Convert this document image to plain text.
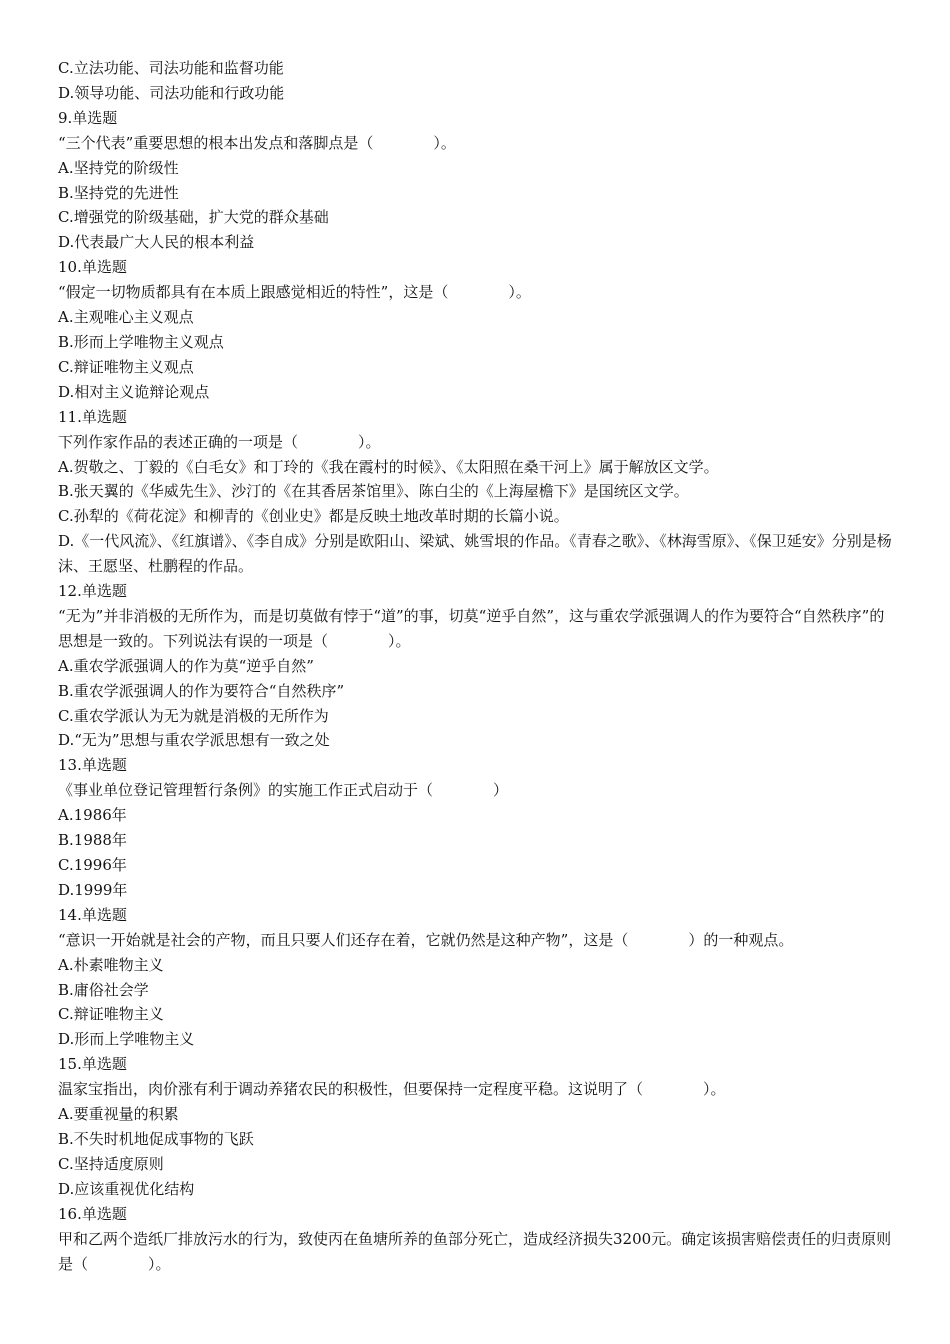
C.立法功能、司法功能和监督功能
D.领导功能、司法功能和行政功能
9.单选题
“三个代表”重要思想的根本出发点和落脚点是（　　　　）。
A.坚持党的阶级性
B.坚持党的先进性
C.增强党的阶级基础，扩大党的群众基础
D.代表最广大人民的根本利益
10.单选题
“假定一切物质都具有在本质上跟感觉相近的特性”，这是（　　　　）。
A.主观唯心主义观点
B.形而上学唯物主义观点
C.辩证唯物主义观点
D.相对主义诡辩论观点
11.单选题
下列作家作品的表述正确的一项是（　　　　）。
A.贺敬之、丁毅的《白毛女》和丁玲的《我在霞村的时候》、《太阳照在桑干河上》属于解放区文学。
B.张天翼的《华威先生》、沙汀的《在其香居茶馆里》、陈白尘的《上海屋檐下》是国统区文学。
C.孙犁的《荷花淀》和柳青的《创业史》都是反映土地改革时期的长篇小说。
D.《一代风流》、《红旗谱》、《李自成》分别是欧阳山、梁斌、姚雪垠的作品。《青春之歌》、《林海雪原》、《保卫延安》分别是杨沫、王愿坚、杜鹏程的作品。
12.单选题
“无为”并非消极的无所作为，而是切莫做有悖于“道”的事，切莫“逆乎自然”，这与重农学派强调人的作为要符合“自然秩序”的思想是一致的。下列说法有误的一项是（　　　　）。
A.重农学派强调人的作为莫“逆乎自然”
B.重农学派强调人的作为要符合“自然秩序”
C.重农学派认为无为就是消极的无所作为
D.“无为”思想与重农学派思想有一致之处
13.单选题
《事业单位登记管理暂行条例》的实施工作正式启动于（　　　　）
A.1986年
B.1988年
C.1996年
D.1999年
14.单选题
“意识一开始就是社会的产物，而且只要人们还存在着，它就仍然是这种产物”，这是（　　　　）的一种观点。
A.朴素唯物主义
B.庸俗社会学
C.辩证唯物主义
D.形而上学唯物主义
15.单选题
温家宝指出，肉价涨有利于调动养猪农民的积极性，但要保持一定程度平稳。这说明了（　　　　）。
A.要重视量的积累
B.不失时机地促成事物的飞跃
C.坚持适度原则
D.应该重视优化结构
16.单选题
甲和乙两个造纸厂排放污水的行为，致使丙在鱼塘所养的鱼部分死亡，造成经济损失3200元。确定该损害赔偿责任的归责原则是（　　　　）。
